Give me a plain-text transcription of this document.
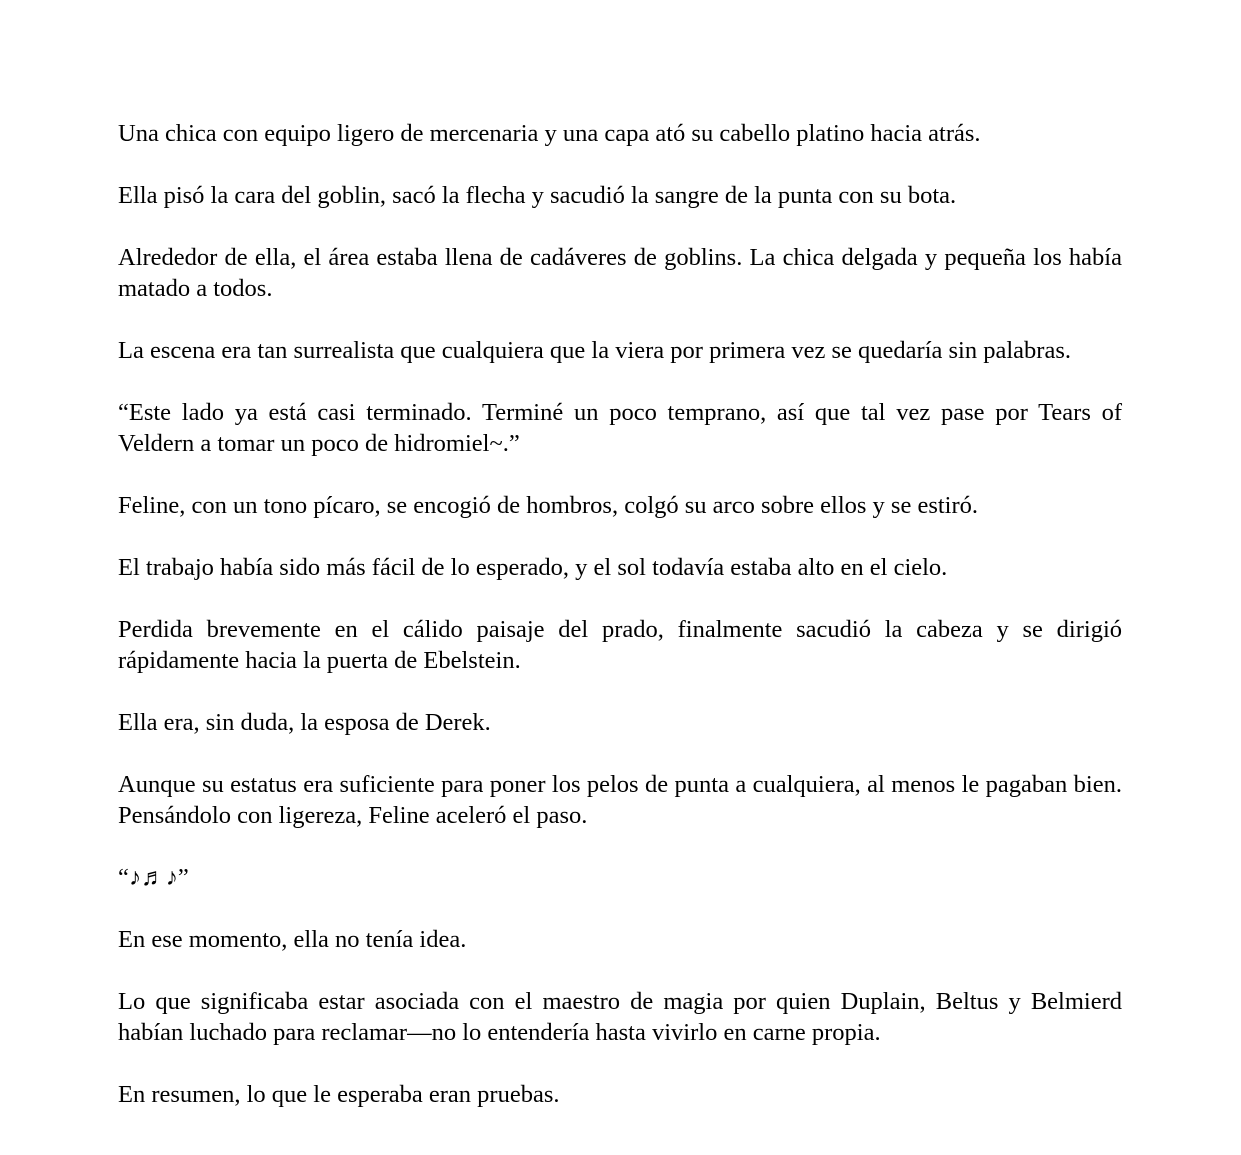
Una chica con equipo ligero de mercenaria y una capa ató su cabello platino hacia atrás.

Ella pisó la cara del goblin, sacó la flecha y sacudió la sangre de la punta con su bota.

Alrededor de ella, el área estaba llena de cadáveres de goblins. La chica delgada y pequeña los había matado a todos.

La escena era tan surrealista que cualquiera que la viera por primera vez se quedaría sin palabras.

“Este lado ya está casi terminado. Terminé un poco temprano, así que tal vez pase por Tears of Veldern a tomar un poco de hidromiel~.”

Feline, con un tono pícaro, se encogió de hombros, colgó su arco sobre ellos y se estiró.

El trabajo había sido más fácil de lo esperado, y el sol todavía estaba alto en el cielo.

Perdida brevemente en el cálido paisaje del prado, finalmente sacudió la cabeza y se dirigió rápidamente hacia la puerta de Ebelstein.

Ella era, sin duda, la esposa de Derek.

Aunque su estatus era suficiente para poner los pelos de punta a cualquiera, al menos le pagaban bien. Pensándolo con ligereza, Feline aceleró el paso.

“♪♬♪”

En ese momento, ella no tenía idea.

Lo que significaba estar asociada con el maestro de magia por quien Duplain, Beltus y Belmierd habían luchado para reclamar—no lo entendería hasta vivirlo en carne propia.

En resumen, lo que le esperaba eran pruebas.
